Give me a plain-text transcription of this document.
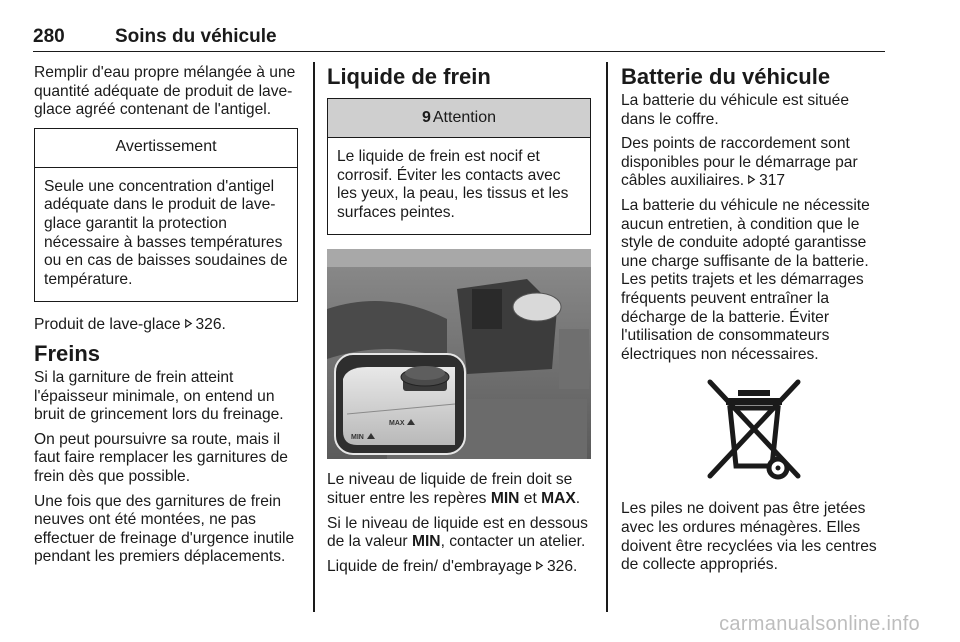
280	Soins du véhicule

Remplir d'eau propre mélangée à une quantité adéquate de produit de lave-glace agréé contenant de l'antigel.

Avertissement
Seule une concentration d'antigel adéquate dans le produit de lave-glace garantit la protection nécessaire à basses températures ou en cas de baisses soudaines de température.

Produit de lave-glace 326.

Freins

Si la garniture de frein atteint l'épaisseur minimale, on entend un bruit de grincement lors du freinage.

On peut poursuivre sa route, mais il faut faire remplacer les garnitures de frein dès que possible.

Une fois que des garnitures de frein neuves ont été montées, ne pas effectuer de freinage d'urgence inutile pendant les premiers déplacements.

Liquide de frein
9 Attention
Le liquide de frein est nocif et corrosif. Éviter les contacts avec les yeux, la peau, les tissus et les surfaces peintes.
MAX
MIN

Le niveau de liquide de frein doit se situer entre les repères MIN et MAX.

Si le niveau de liquide est en dessous de la valeur MIN, contacter un atelier.

Liquide de frein/ d'embrayage 326.

Batterie du véhicule

La batterie du véhicule est située dans le coffre.

Des points de raccordement sont disponibles pour le démarrage par câbles auxiliaires. 317

La batterie du véhicule ne nécessite aucun entretien, à condition que le style de conduite adopté garantisse une charge suffisante de la batterie. Les petits trajets et les démarrages fréquents peuvent entraîner la décharge de la batterie. Éviter l'utilisation de consommateurs électriques non nécessaires.

Les piles ne doivent pas être jetées avec les ordures ménagères. Elles doivent être recyclées via les centres de collecte appropriés.

carmanualsonline.info
